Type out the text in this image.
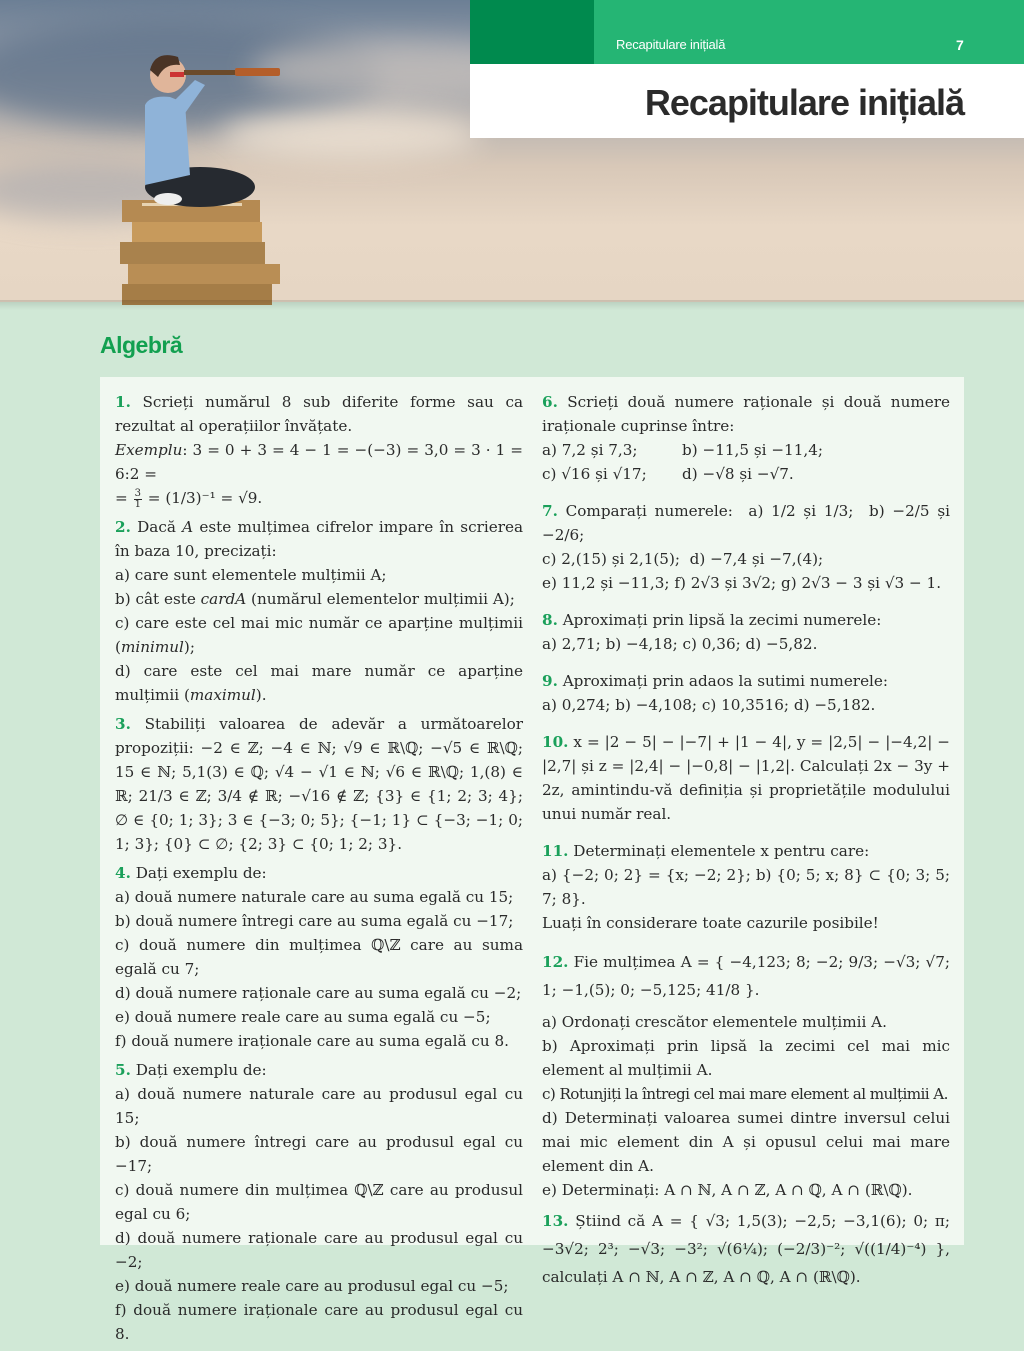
Recapitulare inițială	7
Recapitulare inițială
Algebră

1. Scrieți numărul 8 sub diferite forme sau ca rezultat al operațiilor învățate.

Exemplu: 3 = 0 + 3 = 4 − 1 = −(−3) = 3,0 = 3 · 1 = 6:2 =

= $\frac{3}{1} = (1/3)^{-1} = √9$.

2. Dacă A este mulțimea cifrelor impare în scrierea în baza 10, precizați:

a) care sunt elementele mulțimii A;

b) cât este cardA (numărul elementelor mulțimii A);

c) care este cel mai mic număr ce aparține mulțimii (minimul);

d) care este cel mai mare număr ce aparține mulțimii (maximul).

3. Stabiliți valoarea de adevăr a următoarelor propoziții: −2 ∈ ℤ; −4 ∈ ℕ; √9 ∈ ℝ\ℚ; −√5 ∈ ℝ\ℚ; 15 ∈ ℕ; 5,1(3) ∈ ℚ; √4 − √1 ∈ ℕ; √6 ∈ ℝ\ℚ; 1,(8) ∈ ℝ; 21/3 ∈ ℤ; 3/4 ∉ ℝ; −√16 ∉ ℤ; {3} ∈ {1; 2; 3; 4}; ∅ ∈ {0; 1; 3}; 3 ∈ {−3; 0; 5}; {−1; 1} ⊂ {−3; −1; 0; 1; 3}; {0} ⊂ ∅; {2; 3} ⊂ {0; 1; 2; 3}.

4. Dați exemplu de:

a) două numere naturale care au suma egală cu 15;

b) două numere întregi care au suma egală cu −17;

c) două numere din mulțimea ℚ\ℤ care au suma egală cu 7;

d) două numere raționale care au suma egală cu −2;

e) două numere reale care au suma egală cu −5;

f) două numere iraționale care au suma egală cu 8.

5. Dați exemplu de:

a) două numere naturale care au produsul egal cu 15;

b) două numere întregi care au produsul egal cu −17;

c) două numere din mulțimea ℚ\ℤ care au produsul egal cu 6;

d) două numere raționale care au produsul egal cu −2;

e) două numere reale care au produsul egal cu −5;

f) două numere iraționale care au produsul egal cu 8.

6. Scrieți două numere raționale și două numere iraționale cuprinse între:

a) 7,2 și 7,3;	b) −11,5 și −11,4;

c) √16 și √17; d) −√8 și −√7.

7. Comparați numerele: a) 1/2 și 1/3; b) −2/5 și −2/6;

c) 2,(15) și 2,1(5); d) −7,4 și −7,(4);

e) 11,2 și −11,3; f) 2√3 și 3√2; g) 2√3 − 3 și √3 − 1.

8. Aproximați prin lipsă la zecimi numerele:

a) 2,71; b) −4,18; c) 0,36; d) −5,82.

9. Aproximați prin adaos la sutimi numerele:

a) 0,274; b) −4,108; c) 10,3516; d) −5,182.

10. x = |2 − 5| − |−7| + |1 − 4|, y = |2,5| − |−4,2| − |2,7| și z = |2,4| − |−0,8| − |1,2|. Calculați 2x − 3y + 2z, amintindu-vă definiția și proprietățile modulului unui număr real.

11. Determinați elementele x pentru care:

a) {−2; 0; 2} = {x; −2; 2}; b) {0; 5; x; 8} ⊂ {0; 3; 5; 7; 8}.

Luați în considerare toate cazurile posibile!

12. Fie mulțimea A = { −4,123; 8; −2; 9/3; −√3; √7; 1; −1,(5); 0; −5,125; 41/8 }.

a) Ordonați crescător elementele mulțimii A.

b) Aproximați prin lipsă la zecimi cel mai mic element al mulțimii A.

c) Rotunjiți la întregi cel mai mare element al mulțimii A.

d) Determinați valoarea sumei dintre inversul celui mai mic element din A și opusul celui mai mare element din A.

e) Determinați: A ∩ ℕ, A ∩ ℤ, A ∩ ℚ, A ∩ (ℝ\ℚ).

13. Știind că A = { √3; 1,5(3); −2,5; −3,1(6); 0; π; −3√2; 2³; −√3; −3²; √(6¼); (−2/3)⁻²; √((1/4)⁻⁴) }, calculați A ∩ ℕ, A ∩ ℤ, A ∩ ℚ, A ∩ (ℝ\ℚ).
